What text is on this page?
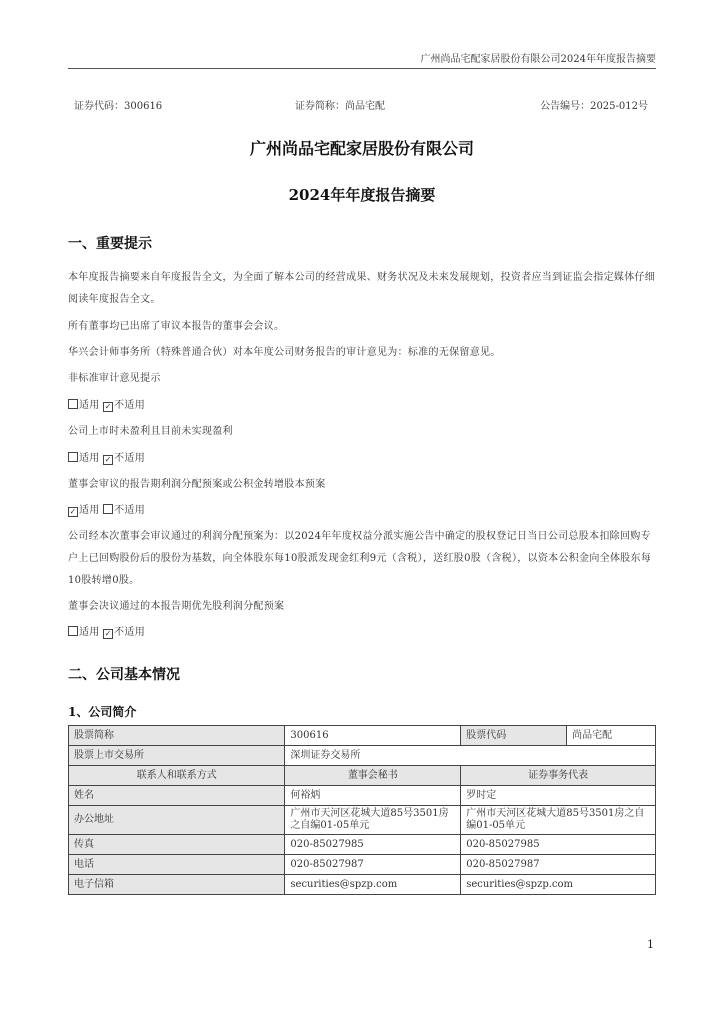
广州尚品宅配家居股份有限公司2024年年度报告摘要
证券代码：300616	证券简称：尚品宅配	公告编号：2025-012号
广州尚品宅配家居股份有限公司
2024年年度报告摘要
一、重要提示

本年度报告摘要来自年度报告全文，为全面了解本公司的经营成果、财务状况及未来发展规划，投资者应当到证监会指定媒体仔细阅读年度报告全文。

所有董事均已出席了审议本报告的董事会会议。

华兴会计师事务所（特殊普通合伙）对本年度公司财务报告的审计意见为：标准的无保留意见。

非标准审计意见提示

适用 ✓ 不适用

公司上市时未盈利且目前未实现盈利

适用 ✓ 不适用

董事会审议的报告期利润分配预案或公积金转增股本预案

✓ 适用 不适用

公司经本次董事会审议通过的利润分配预案为：以2024年年度权益分派实施公告中确定的股权登记日当日公司总股本扣除回购专户上已回购股份后的股份为基数，向全体股东每10股派发现金红利9元（含税），送红股0股（含税），以资本公积金向全体股东每10股转增0股。

董事会决议通过的本报告期优先股利润分配预案

适用 ✓ 不适用

二、公司基本情况
1、公司简介
股票简称	300616	股票代码	尚品宅配
股票上市交易所	深圳证券交易所		
联系人和联系方式	董事会秘书	证券事务代表	
姓名	何裕炳	罗时定	
办公地址	广州市天河区花城大道85号3501房之自编01-05单元	广州市天河区花城大道85号3501房之自编01-05单元	
传真	020-85027985	020-85027985	
电话	020-85027987	020-85027987	
电子信箱	securities@spzp.com	securities@spzp.com	
1
